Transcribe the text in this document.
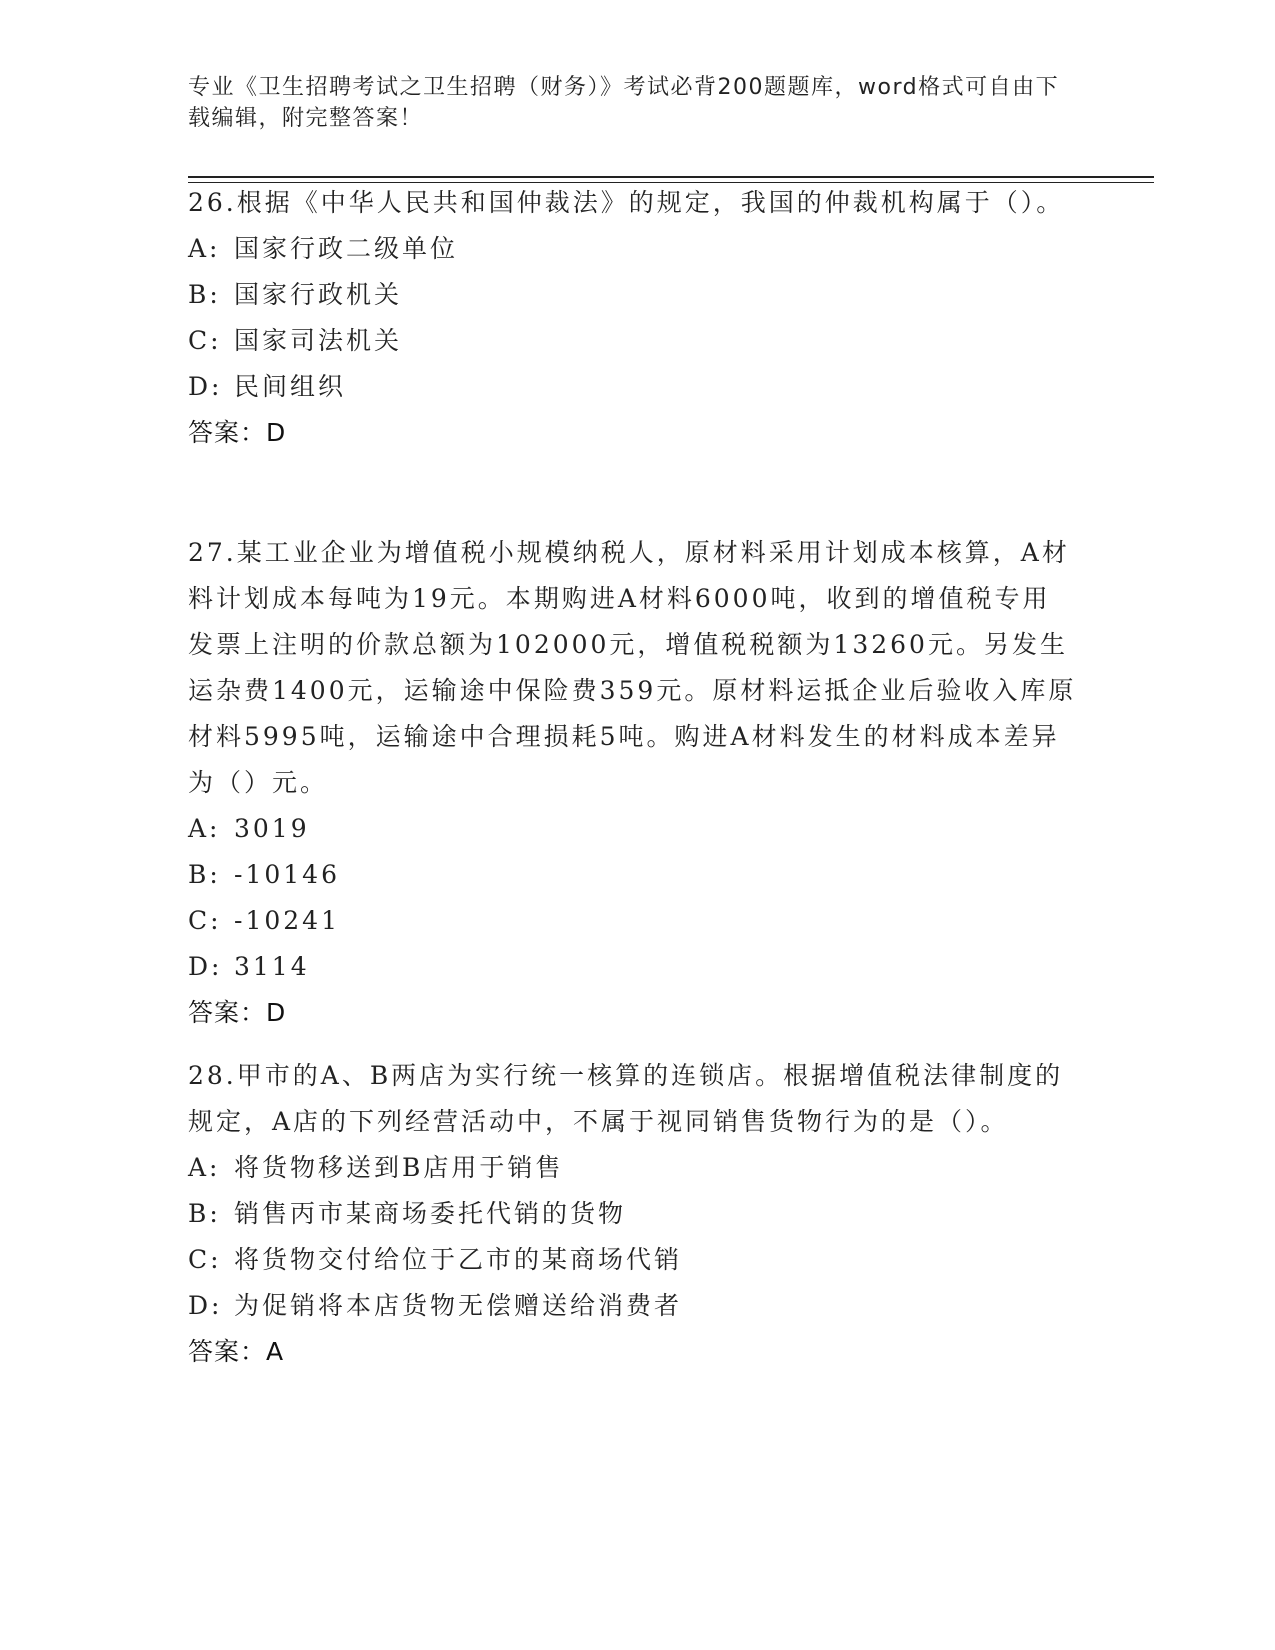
专业《卫生招聘考试之卫生招聘（财务）》考试必背200题题库，word格式可自由下载编辑，附完整答案！

26.根据《中华人民共和国仲裁法》的规定，我国的仲裁机构属于（）。

A: 国家行政二级单位
B: 国家行政机关
C: 国家司法机关
D: 民间组织
答案： D

27.某工业企业为增值税小规模纳税人，原材料采用计划成本核算，A材料计划成本每吨为19元。本期购进A材料6000吨，收到的增值税专用发票上注明的价款总额为102000元，增值税税额为13260元。另发生运杂费1400元，运输途中保险费359元。原材料运抵企业后验收入库原材料5995吨，运输途中合理损耗5吨。购进A材料发生的材料成本差异为（）元。

A: 3019
B: -10146
C: -10241
D: 3114
答案： D

28.甲市的A、B两店为实行统一核算的连锁店。根据增值税法律制度的规定，A店的下列经营活动中，不属于视同销售货物行为的是（）。

A: 将货物移送到B店用于销售
B: 销售丙市某商场委托代销的货物
C: 将货物交付给位于乙市的某商场代销
D: 为促销将本店货物无偿赠送给消费者
答案： A
